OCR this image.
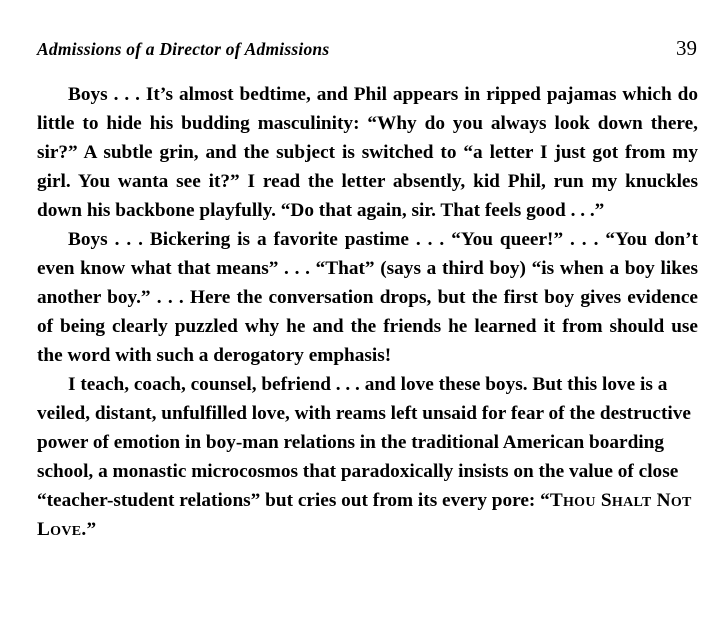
Admissions of a Director of Admissions	39

Boys . . . It’s almost bedtime, and Phil appears in ripped pajamas which do little to hide his budding masculinity: “Why do you always look down there, sir?” A subtle grin, and the subject is switched to “a letter I just got from my girl. You wanta see it?” I read the letter absently, kid Phil, run my knuckles down his backbone playfully. “Do that again, sir. That feels good . . .”

Boys . . . Bickering is a favorite pastime . . . “You queer!” . . . “You don’t even know what that means” . . . “That” (says a third boy) “is when a boy likes another boy.” . . . Here the conversation drops, but the first boy gives evidence of being clearly puzzled why he and the friends he learned it from should use the word with such a derogatory emphasis!

I teach, coach, counsel, befriend . . . and love these boys. But this love is a veiled, distant, unfulfilled love, with reams left unsaid for fear of the destructive power of emotion in boy-man relations in the traditional American boarding school, a monastic microcosmos that paradoxically insists on the value of close “teacher-student relations” but cries out from its every pore: “Thou Shalt Not Love.”
